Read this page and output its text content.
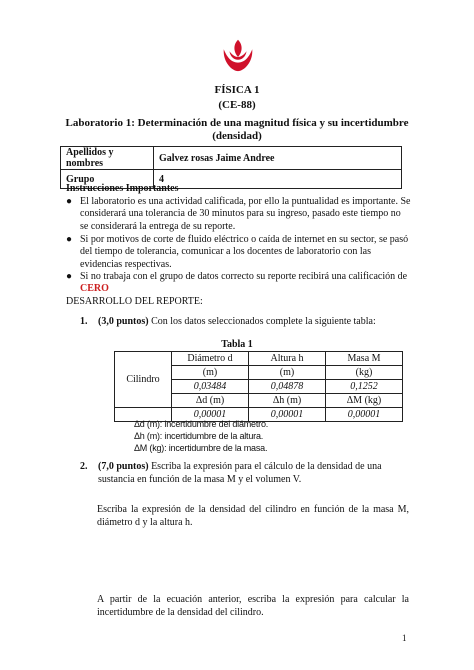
FÍSICA 1
(CE-88)
Laboratorio 1: Determinación de una magnitud física y su incertidumbre
(densidad)
Apellidos y nombres	Galvez rosas Jaime Andree
Grupo	4
Instrucciones Importantes
● El laboratorio es una actividad calificada, por ello la puntualidad es importante. Se considerará una tolerancia de 30 minutos para su ingreso, pasado este tiempo no se considerará la entrega de su reporte.
● Si por motivos de corte de fluido eléctrico o caída de internet en su sector, se pasó del tiempo de tolerancia, comunicar a los docentes de laboratorio con las evidencias respectivas.
● Si no trabaja con el grupo de datos correcto su reporte recibirá una calificación de CERO
DESARROLLO DEL REPORTE:
1. (3,0 puntos) Con los datos seleccionados complete la siguiente tabla:
Tabla 1
Cilindro	Diámetro d	Altura h	Masa M
	(m)	(m)	(kg)
	0,03484	0,04878	0,1252
	Δd (m)	Δh (m)	ΔM (kg)
	0,00001	0,00001	0,00001
Δd (m): incertidumbre del diámetro.
Δh (m): incertidumbre de la altura.
ΔM (kg): incertidumbre de la masa.
2. (7,0 puntos) Escriba la expresión para el cálculo de la densidad de una sustancia en función de la masa M y el volumen V.
Escriba la expresión de la densidad del cilindro en función de la masa M, diámetro d y la altura h.
A partir de la ecuación anterior, escriba la expresión para calcular la incertidumbre de la densidad del cilindro.
1
